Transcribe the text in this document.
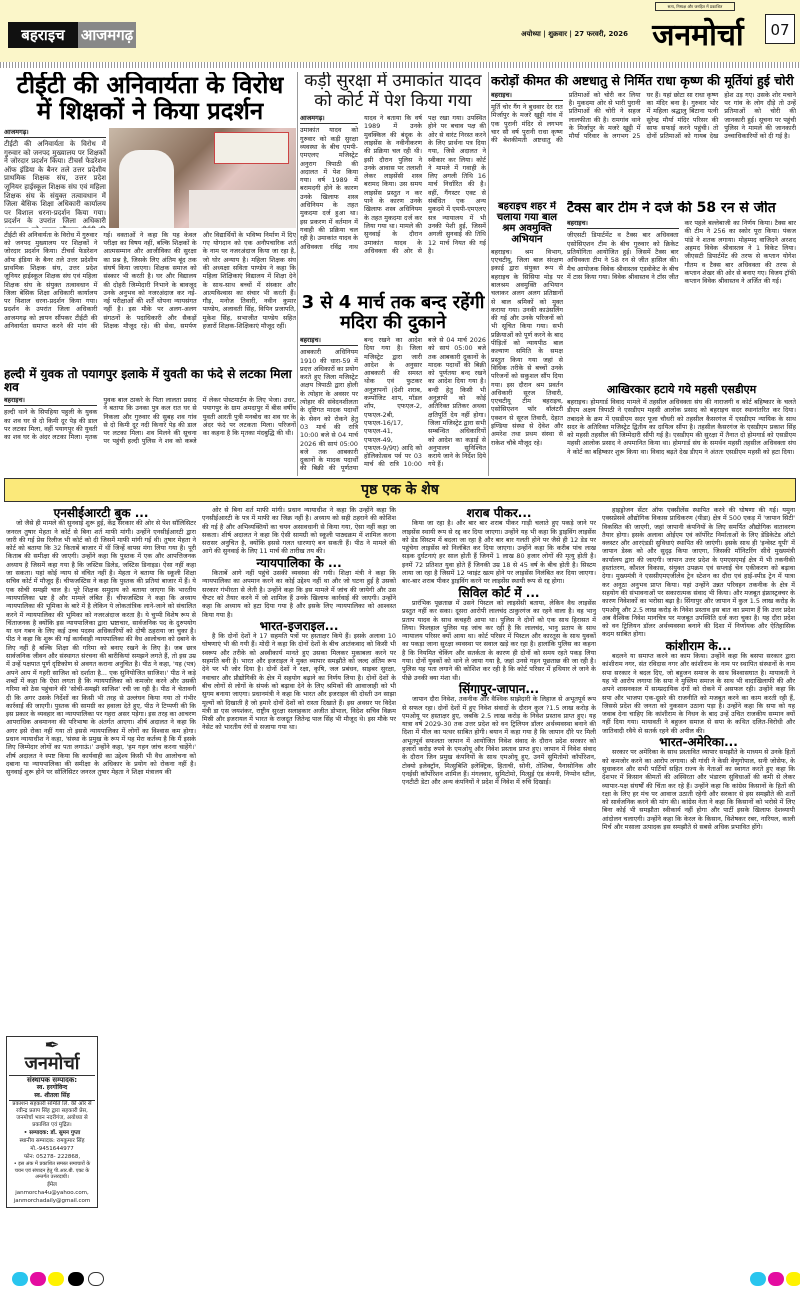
बहराइच	आजमगढ़	अयोध्या | शुक्रवार | 27 फरवरी, 2026
सत्य, निष्पक्ष और जनहित में प्रकाशित
जनमोर्चा	07
टीईटी की अनिवार्यता के विरोध
में शिक्षकों ने किया प्रदर्शन
आजमगढ़।
टीईटी की अनिवार्यता के विरोध में गुरुवार को जनपद मुख्यालय पर शिक्षकों ने जोरदार प्रदर्शन किया। टीचर्स फेडरेशन ऑफ इंडिया के बैनर तले उत्तर प्रदेशीय प्राथमिक शिक्षक संघ, उत्तर प्रदेश जूनियर हाईस्कूल शिक्षक संघ एवं महिला शिक्षक संघ के संयुक्त तत्वावधान में जिला बेसिक शिक्षा अधिकारी कार्यालय पर विशाल धरना-प्रदर्शन किया गया। प्रदर्शन के उपरांत जिला अधिकारी
टीईटी की अनिवार्यता के विरोध में गुरुवार को जनपद मुख्यालय पर शिक्षकों ने जोरदार प्रदर्शन किया। टीचर्स फेडरेशन ऑफ इंडिया के बैनर तले उत्तर प्रदेशीय प्राथमिक शिक्षक संघ, उत्तर प्रदेश जूनियर हाईस्कूल शिक्षक संघ एवं महिला शिक्षक संघ के संयुक्त तत्वावधान में जिला बेसिक शिक्षा अधिकारी कार्यालय पर विशाल धरना-प्रदर्शन किया गया। प्रदर्शन के उपरांत जिला अधिकारी आजमगढ़ को ज्ञापन सौंपकर टीईटी की अनिवार्यता समाप्त करने की मांग की गई। वक्ताओं ने कहा कि यह केवल परीक्षा का विषय नहीं, बल्कि शिक्षकों के आत्मसम्मान और आजीविका की सुरक्षा का प्रश्न है, जिसके लिए अंतिम बूंद तक संघर्ष किया जाएगा। शिक्षक समाज को संस्कार भी करती है। घर और विद्यालय की दोहरी जिम्मेदारी निभाने के बावजूद उनके अनुभव को नजरअंदाज कर नई-नई परीक्षाओं की शर्तें थोपना न्यायसंगत नहीं है। इस मौके पर अलग-अलग संगठनों के पदाधिकारी और सैकड़ों शिक्षक मौजूद रहे। की सेवा, समर्पण और विद्यार्थियों के भविष्य निर्माण में दिए गए योगदान को एक अनौपचारिक शर्त के नाम पर नजरअंदाज किया जा रहा है, जो घोर अन्याय है। महिला शिक्षक संघ की अध्यक्षा सविता पाण्डेय ने कहा कि महिला शिक्षिकाएं विद्यालय में शिक्षा देने के साथ-साथ बच्चों में संस्कार और आत्मविश्वास का संचार भी करती हैं। गौड़, मनोज तिवारी, नवीन कुमार पाण्डेय, अलावती सिंह, विपिन प्रजापति, मुकेश सिंह, सभाजीत पाण्डेय सहित हजारों शिक्षक-शिक्षिकाएं मौजूद रहीं।
हल्दी में युवक तो पयागपुर इलाके में युवती का फंदे से लटका मिला शव
बहराइच।
हल्दी थाने के सिपहिया पहुली के युवक का शव घर से दो किमी दूर पेड़ की डाल पर लटका मिला, वहीं पयागपुर की युवती का शव घर के अंदर लटका मिला। मृतक युवक बाल ठाकरे के पिता लालता प्रसाद ने बताया कि उनका पुत्र कल रात घर से निकला और गुरुवार की सुबह शव गांव से दो किमी दूर नदी किनारे पेड़ की डाल पर लटका मिला। शव मिलने की सूचना पर पहुंची हल्दी पुलिस ने शव को कब्जे में लेकर पोस्टमार्टम के लिए भेजा। उधर, पयागपुर के ग्राम अमदापुर में बीस वर्षीय युवती आरती पुत्री मनबोध का शव घर के अंदर फंदे पर लटकता मिला। परिजनों का कहना है कि मृतका मंदबुद्धि की थी।
कड़ी सुरक्षा में उमाकांत यादव
को कोर्ट में पेश किया गया
आजमगढ़।
उमाकांत यादव को गुरुवार को कड़ी सुरक्षा व्यवस्था के बीच एमपी-एमएलए मजिस्ट्रेट अनुराग त्रिपाठी की अदालत में पेश किया गया। वर्ष 1989 में बरामदगी होने के कारण उनके खिलाफ शस्त्र अधिनियम के तहत मुकदमा दर्ज हुआ था। इस प्रकरण में वर्तमान में गवाही की प्रक्रिया चल रही है। उमाकांत यादव के अधिवक्ता रविंद्र नाथ यादव ने बताया कि वर्ष 1989 में उनके मुवक्किल की बंदूक के लाइसेंस के नवीनीकरण की प्रक्रिया चल रही थी। इसी दौरान पुलिस ने उनके आवास पर तलाशी लेकर लाइसेंसी शस्त्र बरामद किया। उस समय लाइसेंस प्रस्तुत न कर पाने के कारण उनके खिलाफ शस्त्र अधिनियम के तहत मुकदमा दर्ज कर लिया गया था। मामले की सुनवाई के दौरान उमाकांत यादव के अधिवक्ता की ओर से पक्ष रखा गया। उपस्थित होने पर बचाव पक्ष की ओर से वारंट निरस्त करने के लिए प्रार्थना पत्र दिया गया, जिसे अदालत ने स्वीकार कर लिया। कोर्ट ने मामले में गवाही के लिए अगली तिथि 16 मार्च निर्धारित की है। वहीं, गैंगस्टर एक्ट से संबंधित एक अन्य मुकदमे में एमपी-एमएलए सत्र न्यायालय में भी उनकी पेशी हुई, जिसमें अगली सुनवाई की तिथि 12 मार्च नियत की गई है।
3 से 4 मार्च तक बन्द रहेंगी मदिरा की दुकाने
बहराइच।
आबकारी अधिनियम 1910 की धारा-59 में प्रदत्त अधिकारों का प्रयोग करते हुए जिला मजिस्ट्रेट अक्षय त्रिपाठी द्वारा होली के त्योहार के अवसर पर त्योहार की संवेदनशीलता के दृष्टिगत मादक पदार्थों के सेवन को रोकने हेतु 03 मार्च की रात्रि 10:00 बजे से 04 मार्च 2026 की सायं 05:00 बजे तक आबकारी दुकानों के मादक पदार्थों की बिक्री की पूर्णतया बन्द रखने का आदेश दिया गया है। जिला मजिस्ट्रेट द्वारा जारी आदेश के अनुसार आबकारी की समस्त थोक एवं फुटकर अनुज्ञापनों (देशी शराब, कम्पोजिट शाप, मॉडल शॉप, एफएल-2, एफएल-2बी, एफएल-16/17, एफएल-41, एफएल-49, एफएल-9/9ए) आदि को होलिकोत्सव पर्व पर 03 मार्च की रात्रि 10:00 बजे से 04 मार्च 2026 को सायं 05:00 बजे तक आबकारी दुकानों के मादक पदार्थों की बिक्री को पूर्णतया बन्द रखने का आदेश दिया गया है। बन्दी हेतु किसी भी अनुज्ञापी को कोई अतिरिक्त प्रतिकर अथवा क्षतिपूर्ति देय नहीं होगा। जिला मजिस्ट्रेट द्वारा सभी सम्बन्धित अधिकारियों को आदेश का कड़ाई से अनुपालन सुनिश्चित कराये जाने के निर्देश दिये गये हैं।
करोड़ों कीमत की अष्टधातु से निर्मित राधा कृष्ण की मूर्तियां हुई चोरी
बहराइच।
मूर्ति चोर गैंग ने बुधवार देर रात मिर्जापुर के मजरे खुट्टी गांव में एक पुरानी मंदिर से लगभग चार सौ वर्ष पुरानी राधा कृष्ण की बेशकीमती अष्टधातु की प्रतिमाओं को चोरी कर लिया है। मुकदमा ओर से भारी पुरानी प्रतिमाओं की चोरी ने सहज लालफीता की है। रामगांव थाने के मिर्जापुर के मजरे खुट्टी में मौर्या परिवार के लगभग 25 घर हैं। यहां छोटा सा राधा कृष्ण का मंदिर बना है। गुरुवार भोर में महिला श्रद्धालु बिटाना पत्नी सुरेन्द्र मौर्या मंदिर परिसर की साफ सफाई करने पहुंची। तो दोनों प्रतिमाओं को गायब देख होश उड़ गए। उसके शोर मचाने पर गांव के लोग दौड़े तो उन्हें प्रतिमाओं को चोरी की जानकारी हुई। सूचना पर पहुंची पुलिस ने मामले की जानकारी उच्चाधिकारियों को दी गई है।
बहराइच शहर में चलाया गया बाल श्रम अवमुक्ति अभियान
बहराइच। श्रम विभाग, एएचटीयू, जिला बाल संरक्षण इकाई द्वारा संयुक्त रूप से बहराइच के सिसिया मोड़ पर बालश्रम अवमुक्ति अभियान चलाकर अलग अलग प्रतिष्ठानों से बाल श्रमिकों को मुक्त कराया गया। उनकी काउंसलिंग की गई और उनके परिजनों को भी सूचित किया गया। सभी प्रक्रियाओं को पूर्ण करने के बाद पीड़ितों को न्यायपीठ बाल कल्याण समिति के समक्ष प्रस्तुत किया गया जहां से विधिक तरीके से बच्चों उनके परिजनों को सकुशल सौंप दिया गया। इस दौरान श्रम प्रवर्तन अधिकारी सूरज तिवारी, एएचटीयू टीम बहराइच, एसोसिएशन फॉर वॉलंटरी एक्शन से सूरज तिवारी, देहात इण्डिया संस्था से देवेश और अमरेश तथा प्रथम संस्था से राकेश चौबे मौजूद रहे।
टैक्स बार टीम ने दर्ज की 58 रन से जीत
बहराइच।
जीएसटी डिपार्टमेंट व टैक्स बार अधिवक्ता एसोसिएशन टीम के बीच गुरुवार को क्रिकेट प्रतियोगिता आयोजित हुई। जिसमें टैक्स बार अधिवक्ता टीम ने 58 रन से जीत हासिल की। मैच आयोजक विवेक श्रीवास्तव एडवोकेट के बीच में टास किया गया। विवेक श्रीवास्तव ने टॉस जीत कर पहले बल्लेबाजी का निर्णय किया। टैक्स बार की टीम ने 256 का स्कोर पूरा किया। पंकज पांडे ने शतक लगाया। मोहम्मद वाजिदने अरशद अहमद विवेक श्रीवास्तव ने 1 विकेट लिया। जीएसटी डिपार्टमेंट की तरफ से कप्तान योगेश गौतम व टैक्स बार अधिवक्ता की तरफ से कप्तान शेखर की ओर से बनाए गए। विजय ट्रॉफी कप्तान विवेक श्रीवास्तव ने अर्जित की गई।
आखिरकार हटाये गये महसी एसडीएम
बहराइच। होमगार्ड विवाद मामले में तहसील अधिवक्ता संघ की नाराजगी व कोर्ट बहिष्कार के चलते डीएम अक्षय त्रिपाठी ने एसडीएम महसी आलोक प्रसाद को बहराइच सदर स्थानांतरित कर दिया। तबादले के क्रम में एसडीएम सदर पूजा चौधरी को तहसील कैसरगंज में एसडीएम न्यायिक के साथ सदर के अतिरिक्त मजिस्ट्रेट द्वितीय का दायित्व सौंपा है। तहसील कैसरगंज के एसडीएम प्रकाश सिंह को महसी तहसील की जिम्मेदारी सौंपी गई है। एसडीएम की सुरक्षा में तैनात दो होमगार्ड को एसडीएम महसी आलोक प्रसाद ने अपमानित किया था। होमगार्ड संघ के समर्थन महसी तहसील अधिवक्ता संघ ने कोर्ट का बहिष्कार शुरू किया था। विवाद बढ़ते देख डीएम ने अंततः एसडीएम महसी को हटा दिया।
पृष्ठ एक के शेष
✒
जनमोर्चा
संस्थापक सम्पादक:
स्व. हरगोविन्द
स्व. शीतला सिंह
प्रकाशन सहकारी समिति लि. की ओर से रवीन्द्र प्रताप सिंह द्वारा सहकारी प्रेस, जनमोर्चा भवन नदरीगंज, अयोध्या से प्रकाशित एवं मुद्रित।
• सम्पादक: डॉ. सुमन गुप्ता
स्थानीय सम्पादक: रामकुमार सिंह
मो.-9451644977
फोन: 05278- 222868,
• इस अंक में प्रकाशित समस्त समाचारों के चयन एवं संपादन हेतु पी.आर.बी. एक्ट के अन्तर्गत उत्तरदायी।
ईमेल
janmorcha4u@yahoo.com,
janmorchadaily@gmail.com
एनसीईआरटी बुक ...

जो जैसे ही मामले की सुनवाई शुरू हुई, केंद्र सरकार की ओर से पेश सॉलिसिटर जनरल तुषार मेहता ने कोर्ट से बिना शर्त माफी मांगी। उन्होंने एनसीईआरटी द्वारा जारी की गई प्रेस रिलीज भी कोर्ट को दी जिसमें माफी मांगी गई थी। तुषार मेहता ने कोर्ट को बताया कि 32 किताबें बाजार में थीं जिन्हें वापस मंगा लिया गया है। पूरी किताब की समीक्षा की जाएगी। उन्होंने कहा कि पुस्तक में एक और आपत्तिजनक अध्याय है जिसमें कहा गया है कि जस्टिस डिलेड, जस्टिस डिनाइड। ऐसा नहीं कहा जा सकता। यहां कोई न्याय से वंचित नहीं है। मेहता ने बताया कि स्कूली शिक्षा सचिव कोर्ट में मौजूद हैं। चीफजस्टिस ने कहा कि पुस्तक की प्रतियां बाजार में हैं। ये एक सोची समझी चाल है। पूरे शिक्षक समुदाय को बताया जाएगा कि भारतीय न्यायपालिका भ्रष्ट है और मामले लंबित हैं। चीफजस्टिस ने कहा कि अध्याय न्यायपालिका की भूमिका के बारे में है लेकिन ये लोकतांत्रिक लाने-जाने को संचालित करने में न्यायपालिका की भूमिका को नजरअंदाज करता है। ये चुप्पी विशेष रूप से चिंताजनक है क्योंकि इस न्यायपालिका द्वारा भ्रष्टाचार, सार्वजनिक पद के दुरुपयोग या धन गबन के लिए कई उच्च पदस्थ अधिकारियों को दोषी ठहराया जा चुका है। पीठ ने कहा कि शुरू की गई कार्यवाही न्यायपालिका की वैध आलोचना को दबाने के लिए नहीं है बल्कि शिक्षा की गरिमा को बनाए रखने के लिए है। जब छात्र सार्वजनिक जीवन और संस्थागत संरचना की बारीकियां समझने लगते हैं, तो इस उम्र में उन्हें पक्षपात पूर्ण दृष्टिकोण से अवगत कराना अनुचित है। पीठ ने कहा, 'यह (पत्र) अपने आप में गहरी साजिश को दर्शाता है... एक सुनियोजित साजिश।' पीठ ने कड़े शब्दों में कहा कि ऐसा लगता है कि न्यायपालिका को कमजोर करने और उसकी गरिमा को ठेस पहुंचाने की 'सोची-समझी साजिश' रची जा रही है। पीठ ने चेतावनी दी कि अगर उसके निर्देशों का किसी भी तरह से उल्लंघन किया गया तो गंभीर कार्रवाई की जाएगी। पुस्तक की सामग्री का हवाला देते हुए, पीठ ने टिप्पणी की कि इस प्रकार के व्यवहार का न्यायपालिका पर गहरा असर पड़ेगा। इस तरह का आचरण आपराधिक अवमानना की परिभाषा के अंतर्गत आएगा। शीर्ष अदालत ने कहा कि अगर इसे रोका नहीं गया तो इससे न्यायपालिका में लोगों का विश्वास कम होगा। प्रधान न्यायाधीश ने कहा, 'संस्था के प्रमुख के रूप में यह मेरा कर्तव्य है कि मैं इसके लिए जिम्मेदार लोगों का पता लगाऊं।' उन्होंने कहा, 'हम गहन जांच करना चाहेंगे।' शीर्ष अदालत ने स्पष्ट किया कि कार्यवाही का उद्देश्य किसी भी वैध आलोचना को दबाना या न्यायपालिका की समीक्षा के अधिकार के प्रयोग को रोकना नहीं है। सुनवाई शुरू होने पर सॉलिसिटर जनरल तुषार मेहता ने शिक्षा मंत्रालय की

ओर से बिना शर्त माफी मांगी। प्रधान न्यायाधीश ने कहा कि उन्होंने कहा कि एनसीईआरटी के पत्र में माफी का जिक्र नहीं है। अध्याय को सही ठहराने की कोशिश की गई है और अभिव्यक्तियों का चयन असावधानी से किया गया, ऐसा नहीं कहा जा सकता। शीर्ष अदालत ने कहा कि ऐसी सामग्री को स्कूली पाठ्यक्रम में शामिल करना सरासर अनुचित है, क्योंकि इससे गलत धारणाएं बन सकती हैं। पीठ ने मामले की आगे की सुनवाई के लिए 11 मार्च की तारीख तय की।

न्यायपालिका के ...

किताबें आगे नहीं पहुंचे उसकी व्यवस्था की गयी। शिक्षा मंत्री ने कहा कि न्यायपालिका का अपमान करने का कोई उद्देश्य नहीं था और जो घटना हुई है उसको सरकार गंभीरता से लेती है। उन्होंने कहा कि इस मामले में जांच की जायेगी और उस चैप्टर को तैयार करने में जो शामिल हैं उनके खिलाफ कार्रवाई की जाएगी। उन्होंने कहा कि अध्याय को हटा दिया गया है और इसके लिए न्यायपालिका को आश्वस्त किया गया है।

भारत-इजराइल...

है कि दोनों देशों ने 17 सहमति पत्रों पर हस्ताक्षर किये हैं। इसके अलावा 10 घोषणाएं भी की गयी हैं। मोदी ने कहा कि दोनों देशों के बीच आतंकवाद को किसी भी स्वरूप और तरीके को अस्वीकार्य मानते हुए उसका मिलकर मुकाबला करने पर सहमति बनी है। भारत और इजराइल ने मुक्त व्यापार समझौते को जल्द अंतिम रूप देने पर भी जोर दिया है। दोनों देशों ने रक्षा, कृषि, जल प्रबंधन, साइबर सुरक्षा, नवाचार और प्रौद्योगिकी के क्षेत्र में सहयोग बढ़ाने का निर्णय लिया है। दोनों देशों के बीच लोगों से लोगों के संपर्क को बढ़ावा देने के लिए श्रमिकों की आवाजाही को भी सुगम बनाया जाएगा। प्रधानमंत्री ने कहा कि भारत और इजराइल की दोस्ती उन साझा मूल्यों को दिखाती है जो हमारे दोनों देशों को रास्ता दिखाते हैं। इस अवसर पर विदेश मंत्री डा एस जयशंकर, राष्ट्रीय सुरक्षा सलाहकार अजीत डोभाल, विदेश सचिव विक्रम मिस्री और इजरायल में भारत के राजदूत जितेन्द्र पाल सिंह भी मौजूद थे। इस मौके पर नेसेट को भारतीय रंगों से सजाया गया था।

शराब पीकर...

किया जा रहा है। और बार बार शराब पीकर गाड़ी चलाते हुए पकड़े जाने पर लाइसेंस स्थायी रूप से रद्द कर दिया जाएगा। उन्होंने यह भी कहा कि ड्राइविंग लाइसेंस को डेड सिस्टम में बदला जा रहा है और बार बार गलती होने पर जैसे ही 12 डेड पर पहुंचेगा लाइसेंस को निलंबित कर दिया जाएगा। उन्होंने कहा कि करीब पांच लाख सड़क दुर्घटनाएं हर साल होती हैं जिनमें 1 लाख 80 हजार लोगों की मृत्यु होती है। इनमें 72 प्रतिशत युवा होते हैं जिनकी उम्र 18 से 45 वर्ष के बीच होती है। सिस्टम लाया जा रहा है जिसमें 12 प्वाइंट खत्म होने पर लाइसेंस निलंबित कर दिया जाएगा। बार-बार शराब पीकर ड्राइविंग करने पर लाइसेंस स्थायी रूप से रद्द होगा।

सिविल कोर्ट में ...

प्रारंभिक पूछताछ में उसने पिस्टल को लाइसेंसी बताया, लेकिन वैध लाइसेंस प्रस्तुत नहीं कर सका। दूसरा आरोपी लालचंद ठाकुरगंज का रहने वाला है। वह भानु प्रताप यादव के साथ कचहरी आया था। पुलिस ने दोनों को एक साथ हिरासत में लिया। फिलहाल पुलिस यह जांच कर रही है कि लालचंद, भानु प्रताप के साथ न्यायालय परिसर क्यों आया था। कोर्ट परिसर में पिस्टल और कारतूस के साथ युवकों का पकड़ा जाना सुरक्षा व्यवस्था पर सवाल खड़े कर रहा है। हालांकि पुलिस का कहना है कि नियमित चेकिंग और सतर्कता के कारण ही दोनों को समय रहते पकड़ लिया गया। दोनों युवकों को थाने ले जाया गया है, जहां उनसे गहन पूछताछ की जा रही है। पुलिस यह पता लगाने की कोशिश कर रही है कि कोर्ट परिसर में हथियार ले जाने के पीछे उनकी क्या मंशा थी।

सिंगापुर-जापान...

जापान दौरा निवेश, तकनीक और वैश्विक साझेदारी के लिहाज से अभूतपूर्व रूप से सफल रहा। दोनों देशों में हुए निवेश संवादों के दौरान कुल ?1.5 लाख करोड़ के एमओयू पर हस्ताक्षर हुए, जबकि 2.5 लाख करोड़ के निवेश प्रस्ताव प्राप्त हुए। यह यात्रा वर्ष 2029-30 तक उत्तर प्रदेश को वन ट्रिलियन डॉलर अर्थव्यवस्था बनाने की दिशा में मील का पत्थर साबित होगी। बयान में कहा गया है कि जापान दौरे पर मिली अभूतपूर्व सफलता जापान में आयोजित निवेश संवाद के दौरान प्रदेश सरकार को हजारों करोड़ रुपये के एमओयू और निवेश प्रस्ताव प्राप्त हुए। जापान में निवेश संवाद के दौरान जिन प्रमुख कंपनियों के साथ एमओयू हुए, उनमें सुमितोमो कॉर्पोरेशन, टोक्यो इलेक्ट्रॉन, मित्सुबिशि इलेक्ट्रिक, हिताची, सोनी, तोशिबा, पैनासोनिक और एनईसी कॉर्पोरेशन शामिल हैं। मंगलवार, सुमिटोमो, मित्सुई एंड कंपनी, निप्पोन स्टील, एनटीटी डेटा और अन्य कंपनियों ने प्रदेश में निवेश में रुचि दिखाई।

हाइड्रोजन सेंटर ऑफ एक्सीलेंस स्थापित करने की घोषणा की गई। यमुना एक्सप्रेसवे औद्योगिक विकास प्राधिकरण (यीडा) क्षेत्र में 500 एकड़ में 'जापान सिटी' विकसित की जाएगी, जहां जापानी कंपनियों के लिए समर्पित औद्योगिक वातावरण तैयार होगा। इसके अलावा ओईएम एवं कॉर्पोरेट निर्माताओं के लिए डेडिकेटेड ऑटो क्लस्टर और आरएंडडी सुविधाएं स्थापित की जाएंगी। इसके साथ ही 'इन्वेस्ट यूपी' में जापान डेस्क को और सुदृढ़ किया जाएगा, जिसकी मॉनिटरिंग सीधे मुख्यमंत्री कार्यालय द्वारा की जाएगी। जापान उत्तर प्रदेश के एमएसएमई क्षेत्र में भी तकनीकी हस्तांतरण, कौशल विकास, संयुक्त उपक्रम एवं सप्लाई चेन एकीकरण को बढ़ावा देगा। मुख्यमंत्री ने एससीएमएजीलेव ट्रेन स्टेशन का दौरा एवं हाई-स्पीड ट्रेन में यात्रा कर अनूठा अनुभव प्राप्त किया। यहां उन्होंने उन्नत परिवहन तकनीक के क्षेत्र में सहयोग की संभावनाओं पर सकारात्मक संवाद भी किया। और मजबूत इंफ्रास्ट्रक्चर के कारण निवेशकों का भरोसा बढ़ा है। सिंगापुर और जापान में कुल 1.5 लाख करोड़ के एमओयू और 2.5 लाख करोड़ के निवेश प्रस्ताव इस बात का प्रमाण हैं कि उत्तर प्रदेश अब वैश्विक निवेश मानचित्र पर मजबूत उपस्थिति दर्ज करा चुका है। यह दौरा प्रदेश को वन ट्रिलियन डॉलर अर्थव्यवस्था बनाने की दिशा में निर्णायक और ऐतिहासिक कदम साबित होगा।

कांशीराम के...

बदलने या समाप्त करने का काम किया। उन्होंने कहा कि बसपा सरकार द्वारा कांशीराम नगर, संत रविदास नगर और कांशीराम के नाम पर स्थापित संस्थानों के नाम सपा सरकार ने बदल दिए, जो बहुजन समाज के साथ विश्वासघात है। मायावती ने यह भी आरोप लगाया कि सपा ने मुस्लिम समाज के साथ भी वादाखिलाफी की और अपने शासनकाल में साम्प्रदायिक दंगों को रोकने में असफल रही। उन्होंने कहा कि सपा और भाजपा एक-दूसरे की राजनीति को मजबूत करने का काम करती रही हैं, जिससे प्रदेश की जनता को नुकसान उठाना पड़ा है। उन्होंने कहा कि सपा को यह जवाब देना चाहिए कि कांशीराम के निधन के बाद उन्हें उचित राजकीय सम्मान क्यों नहीं दिया गया। मायावती ने बहुजन समाज से सपा के कथित दलित-विरोधी और जातिवादी रवैये से सतर्क रहने की अपील की।

भारत-अमेरिका...

सरकार पर अमेरिका के साथ प्रस्तावित व्यापार समझौते के माध्यम से उनके हितों को कमजोर करने का आरोप लगाया। श्री गांधी ने केसी वेणुगोपाल, सनी जोसेफ, के सुधाकरन और सभी पार्टियों सहित राज्य के नेताओं का स्वागत करते हुए कहा कि देशभर में किसान कीमतों की अस्थिरता और भंडारण सुविधाओं की कमी से लेकर व्यापार-पक्ष संघर्षों की चिंता कर रहे हैं। उन्होंने कहा कि कांग्रेस किसानों के हितों की रक्षा के लिए हर मंच पर आवाज उठाती रहेगी और सरकार से इस समझौते की शर्तों को सार्वजनिक करने की मांग की। कांग्रेस नेता ने कहा कि किसानों को भरोसे में लिए बिना कोई भी समझौता स्वीकार्य नहीं होगा और पार्टी इसके खिलाफ देशव्यापी आंदोलन चलाएगी। उन्होंने कहा कि केरल के किसान, विशेषकर रबर, नारियल, काली मिर्च और मसाला उत्पादक इस समझौते से सबसे अधिक प्रभावित होंगे।
